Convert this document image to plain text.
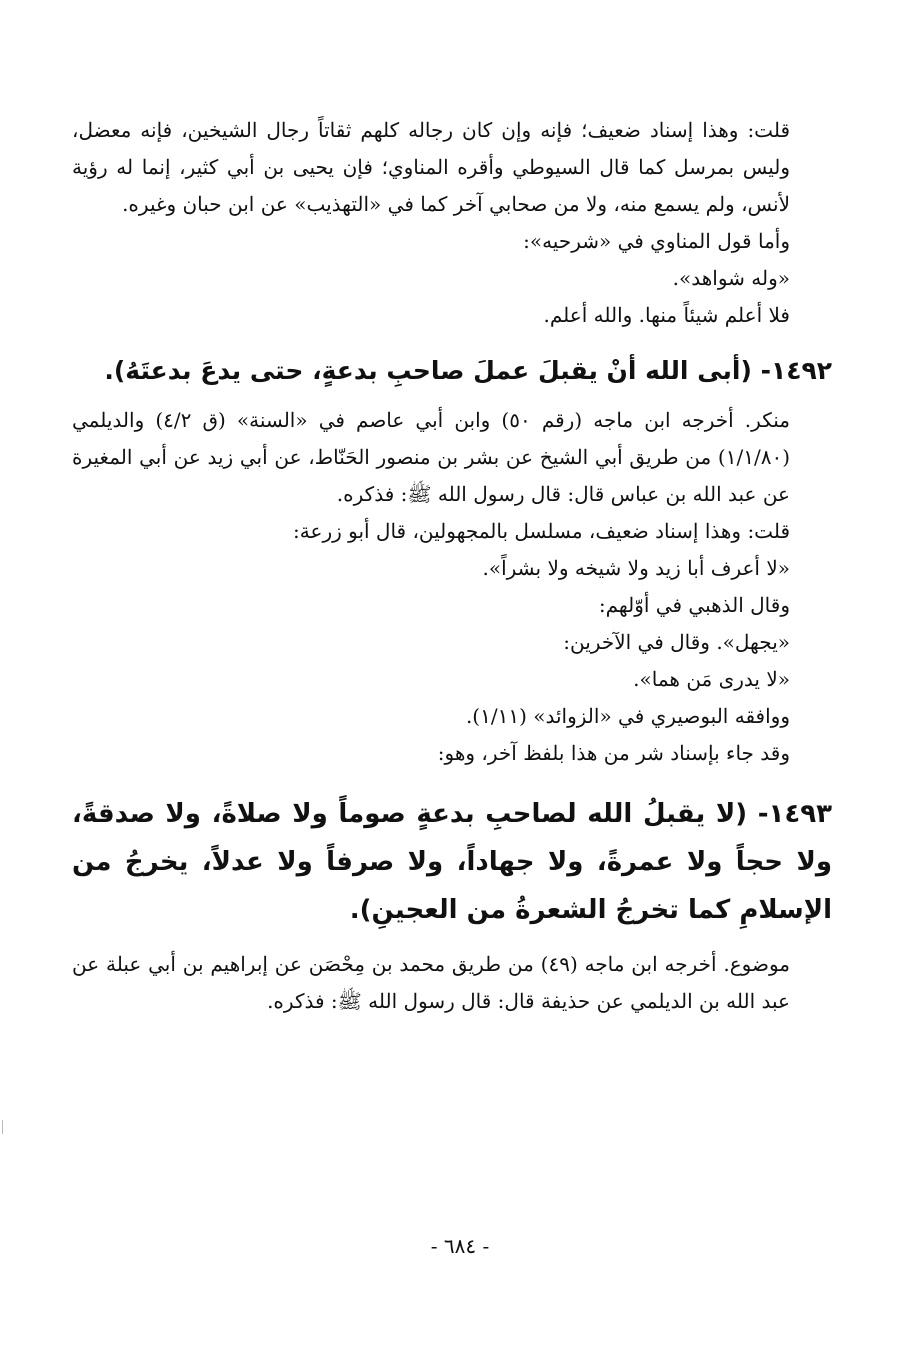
قلت: وهذا إسناد ضعيف؛ فإنه وإن كان رجاله كلهم ثقاتاً رجال الشيخين، فإنه معضل، وليس بمرسل كما قال السيوطي وأقره المناوي؛ فإن يحيى بن أبي كثير، إنما له رؤية لأنس، ولم يسمع منه، ولا من صحابي آخر كما في «التهذيب» عن ابن حبان وغيره.

وأما قول المناوي في «شرحيه»:

«وله شواهد».

فلا أعلم شيئاً منها. والله أعلم.

١٤٩٢- (أبى الله أنْ يقبلَ عملَ صاحبِ بدعةٍ، حتى يدعَ بدعتَهُ).

منكر. أخرجه ابن ماجه (رقم ٥٠) وابن أبي عاصم في «السنة» (ق ٤/٢) والديلمي (١/١/٨٠) من طريق أبي الشيخ عن بشر بن منصور الحَنّاط، عن أبي زيد عن أبي المغيرة عن عبد الله بن عباس قال: قال رسول الله ﷺ: فذكره.

قلت: وهذا إسناد ضعيف، مسلسل بالمجهولين، قال أبو زرعة:

«لا أعرف أبا زيد ولا شيخه ولا بشراً».

وقال الذهبي في أوّلهم:

«يجهل». وقال في الآخرين:

«لا يدرى مَن هما».

ووافقه البوصيري في «الزوائد» (١/١١).

وقد جاء بإسناد شر من هذا بلفظ آخر، وهو:

١٤٩٣- (لا يقبلُ الله لصاحبِ بدعةٍ صوماً ولا صلاةً، ولا صدقةً، ولا حجاً ولا عمرةً، ولا جهاداً، ولا صرفاً ولا عدلاً، يخرجُ من الإسلامِ كما تخرجُ الشعرةُ من العجينِ).

موضوع. أخرجه ابن ماجه (٤٩) من طريق محمد بن مِحْصَن عن إبراهيم بن أبي عبلة عن عبد الله بن الديلمي عن حذيفة قال: قال رسول الله ﷺ: فذكره.

- ٦٨٤ -
